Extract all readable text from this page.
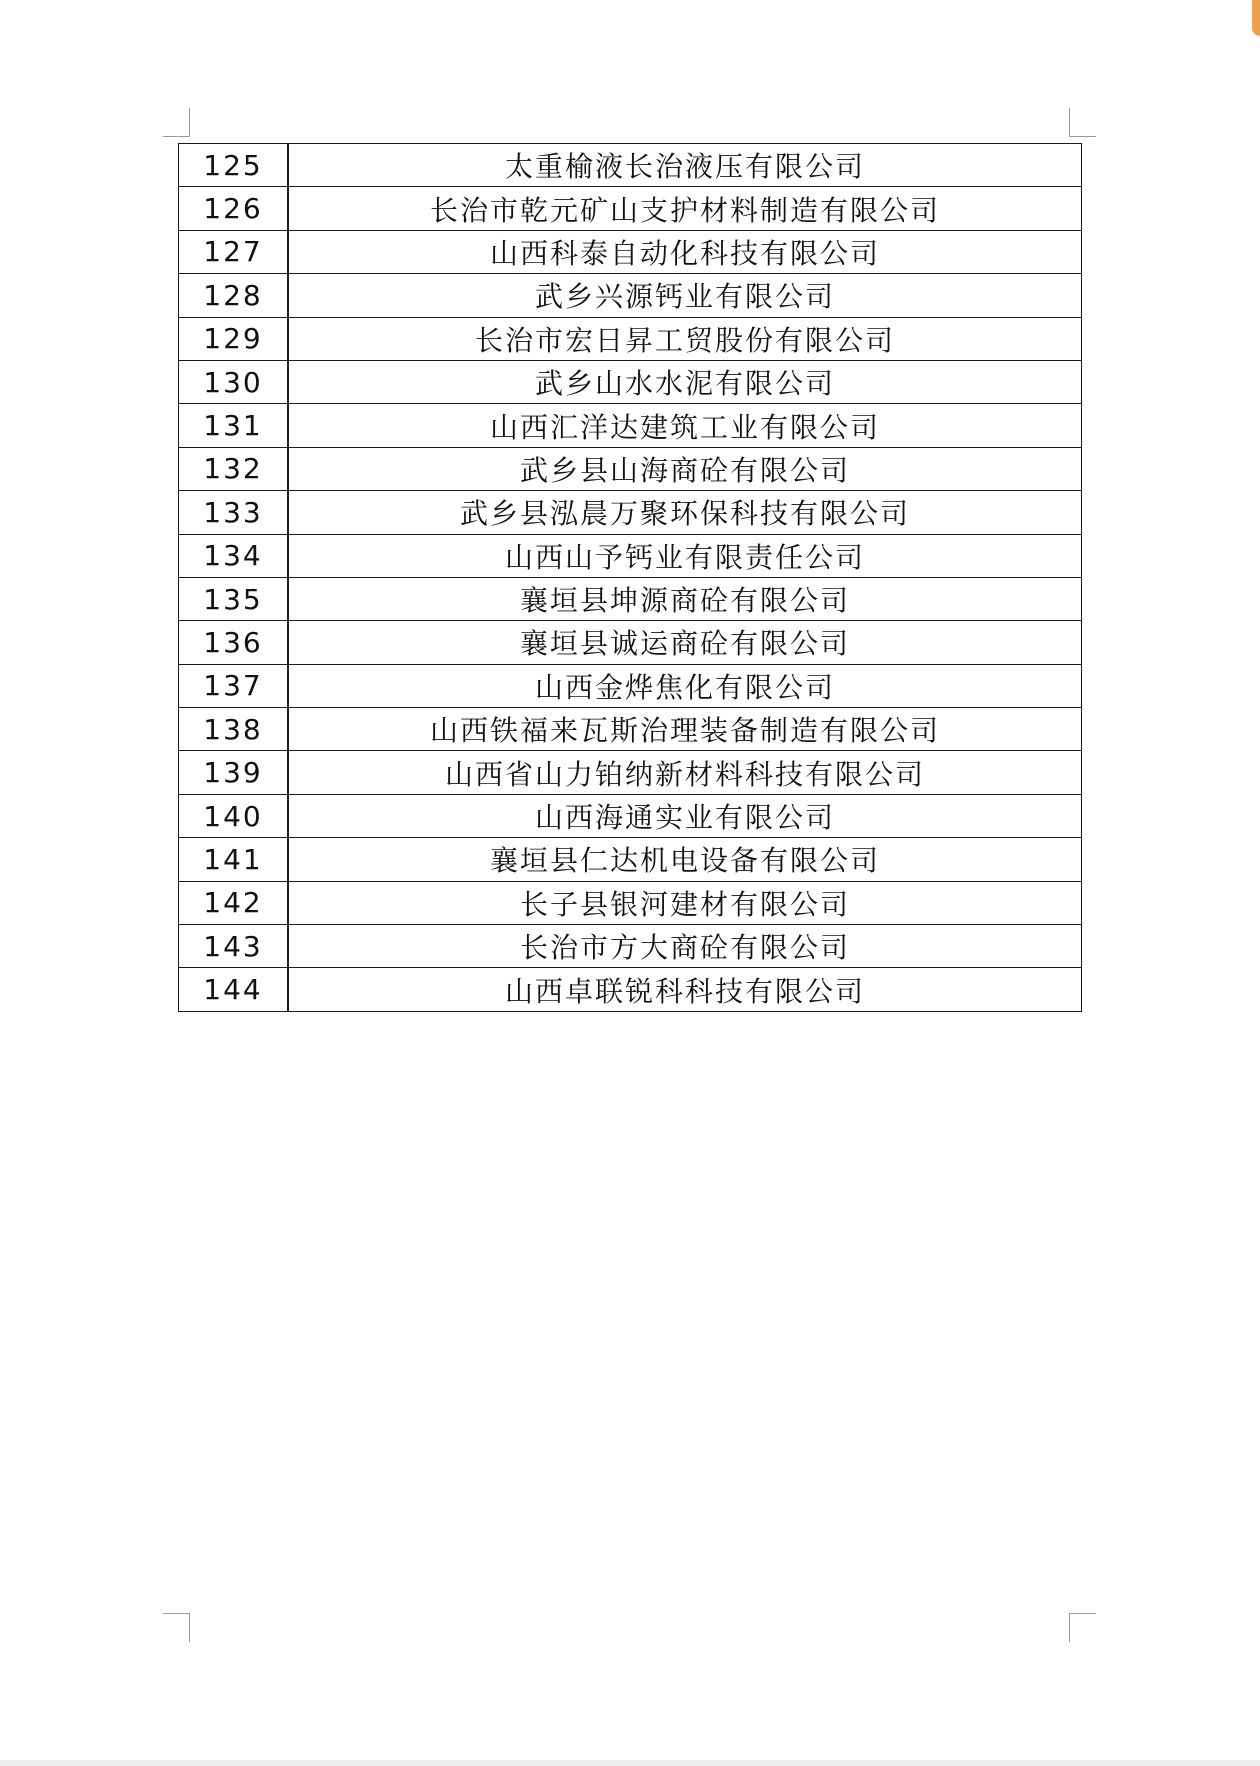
125	太重榆液长治液压有限公司
126	长治市乾元矿山支护材料制造有限公司
127	山西科泰自动化科技有限公司
128	武乡兴源钙业有限公司
129	长治市宏日昇工贸股份有限公司
130	武乡山水水泥有限公司
131	山西汇洋达建筑工业有限公司
132	武乡县山海商砼有限公司
133	武乡县泓晨万聚环保科技有限公司
134	山西山予钙业有限责任公司
135	襄垣县坤源商砼有限公司
136	襄垣县诚运商砼有限公司
137	山西金烨焦化有限公司
138	山西铁福来瓦斯治理装备制造有限公司
139	山西省山力铂纳新材料科技有限公司
140	山西海通实业有限公司
141	襄垣县仁达机电设备有限公司
142	长子县银河建材有限公司
143	长治市方大商砼有限公司
144	山西卓联锐科科技有限公司
